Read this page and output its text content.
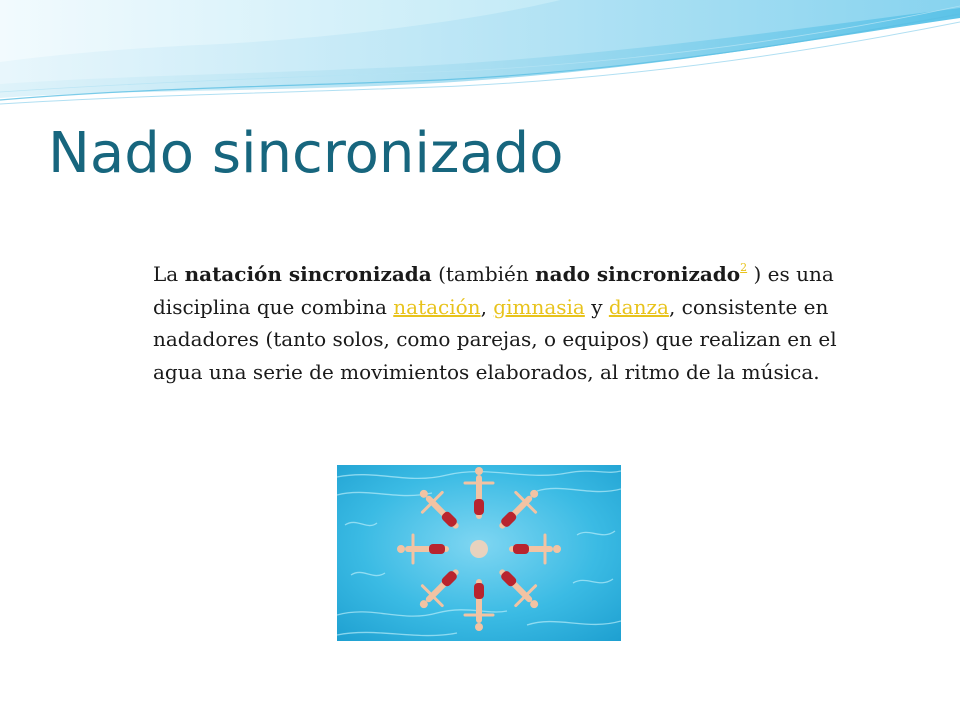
Nado sincronizado

La natación sincronizada (también nado sincronizado$^2$ ) es una disciplina que combina natación, gimnasia y danza, consistente en nadadores (tanto solos, como parejas, o equipos) que realizan en el agua una serie de movimientos elaborados, al ritmo de la música.
